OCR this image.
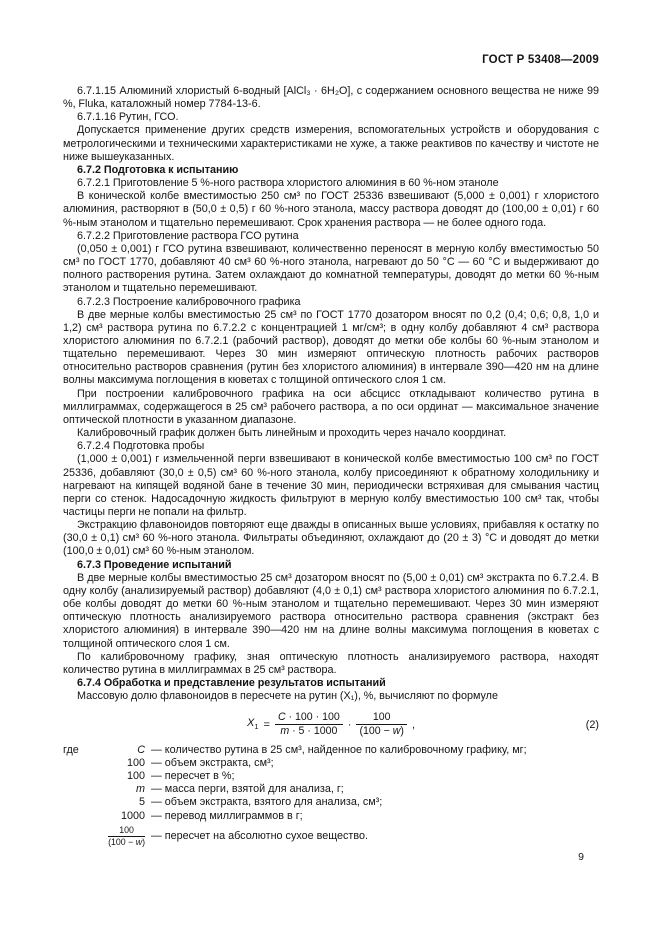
ГОСТ Р 53408—2009

6.7.1.15 Алюминий хлористый 6-водный [AlCl₃ · 6H₂O], с содержанием основного вещества не ниже 99 %, Fluka, каталожный номер 7784-13-6.

6.7.1.16 Рутин, ГСО.

Допускается применение других средств измерения, вспомогательных устройств и оборудования с метрологическими и техническими характеристиками не хуже, а также реактивов по качеству и чистоте не ниже вышеуказанных.

6.7.2 Подготовка к испытанию

6.7.2.1 Приготовление 5 %-ного раствора хлористого алюминия в 60 %-ном этаноле

В конической колбе вместимостью 250 см³ по ГОСТ 25336 взвешивают (5,000 ± 0,001) г хлористого алюминия, растворяют в (50,0 ± 0,5) г 60 %-ного этанола, массу раствора доводят до (100,00 ± 0,01) г 60 %-ным этанолом и тщательно перемешивают. Срок хранения раствора — не более одного года.

6.7.2.2 Приготовление раствора ГСО рутина

(0,050 ± 0,001) г ГСО рутина взвешивают, количественно переносят в мерную колбу вместимостью 50 см³ по ГОСТ 1770, добавляют 40 см³ 60 %-ного этанола, нагревают до 50 °С — 60 °С и выдерживают до полного растворения рутина. Затем охлаждают до комнатной температуры, доводят до метки 60 %-ным этанолом и тщательно перемешивают.

6.7.2.3 Построение калибровочного графика

В две мерные колбы вместимостью 25 см³ по ГОСТ 1770 дозатором вносят по 0,2 (0,4; 0,6; 0,8, 1,0 и 1,2) см³ раствора рутина по 6.7.2.2 с концентрацией 1 мг/см³; в одну колбу добавляют 4 см³ раствора хлористого алюминия по 6.7.2.1 (рабочий раствор), доводят до метки обе колбы 60 %-ным этанолом и тщательно перемешивают. Через 30 мин измеряют оптическую плотность рабочих растворов относительно растворов сравнения (рутин без хлористого алюминия) в интервале 390—420 нм на длине волны максимума поглощения в кюветах с толщиной оптического слоя 1 см.

При построении калибровочного графика на оси абсцисс откладывают количество рутина в миллиграммах, содержащегося в 25 см³ рабочего раствора, а по оси ординат — максимальное значение оптической плотности в указанном диапазоне.

Калибровочный график должен быть линейным и проходить через начало координат.

6.7.2.4 Подготовка пробы

(1,000 ± 0,001) г измельченной перги взвешивают в конической колбе вместимостью 100 см³ по ГОСТ 25336, добавляют (30,0 ± 0,5) см³ 60 %-ного этанола, колбу присоединяют к обратному холодильнику и нагревают на кипящей водяной бане в течение 30 мин, периодически встряхивая для смывания частиц перги со стенок. Надосадочную жидкость фильтруют в мерную колбу вместимостью 100 см³ так, чтобы частицы перги не попали на фильтр.

Экстракцию флавоноидов повторяют еще дважды в описанных выше условиях, прибавляя к остатку по (30,0 ± 0,1) см³ 60 %-ного этанола. Фильтраты объединяют, охлаждают до (20 ± 3) °С и доводят до метки (100,0 ± 0,01) см³ 60 %-ным этанолом.

6.7.3 Проведение испытаний

В две мерные колбы вместимостью 25 см³ дозатором вносят по (5,00 ± 0,01) см³ экстракта по 6.7.2.4. В одну колбу (анализируемый раствор) добавляют (4,0 ± 0,1) см³ раствора хлористого алюминия по 6.7.2.1, обе колбы доводят до метки 60 %-ным этанолом и тщательно перемешивают. Через 30 мин измеряют оптическую плотность анализируемого раствора относительно раствора сравнения (экстракт без хлористого алюминия) в интервале 390—420 нм на длине волны максимума поглощения в кюветах с толщиной оптического слоя 1 см.

По калибровочному графику, зная оптическую плотность анализируемого раствора, находят количество рутина в миллиграммах в 25 см³ раствора.

6.7.4 Обработка и представление результатов испытаний

Массовую долю флавоноидов в пересчете на рутин (X₁), %, вычисляют по формуле

$X_1 = \frac{C \cdot 100 \cdot 100}{m \cdot 5 \cdot 1000} \cdot \frac{100}{(100 - w)}$ ,	(2)
где	С — количество рутина в 25 см³, найденное по калибровочному графику, мг;
100 — объем экстракта, см³;
100 — пересчет в %;
m — масса перги, взятой для анализа, г;
5 — объем экстракта, взятого для анализа, см³;
1000 — перевод миллиграммов в г;
$\frac{100}{(100 - w)}$ — пересчет на абсолютно сухое вещество.
9
